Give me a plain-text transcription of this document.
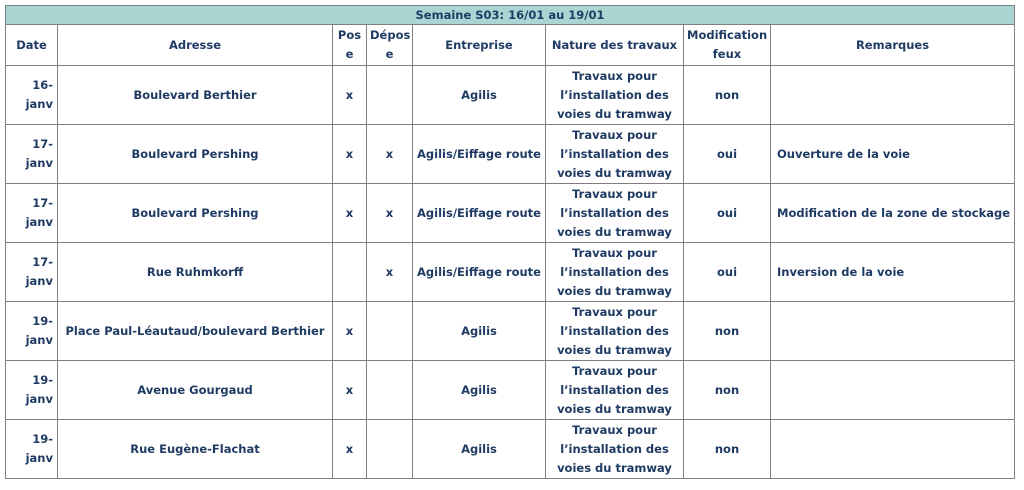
Semaine S03: 16/01 au 19/01							
Date	Adresse	Pos e	Dépos e	Entreprise	Nature des travaux	Modification feux	Remarques
16- janv	Boulevard Berthier	x		Agilis	Travaux pour l’installation des voies du tramway	non	
17- janv	Boulevard Pershing	x	x	Agilis/Eiffage route	Travaux pour l’installation des voies du tramway	oui	Ouverture de la voie
17- janv	Boulevard Pershing	x	x	Agilis/Eiffage route	Travaux pour l’installation des voies du tramway	oui	Modification de la zone de stockage
17- janv	Rue Ruhmkorff		x	Agilis/Eiffage route	Travaux pour l’installation des voies du tramway	oui	Inversion de la voie
19- janv	Place Paul-Léautaud/boulevard Berthier	x		Agilis	Travaux pour l’installation des voies du tramway	non	
19- janv	Avenue Gourgaud	x		Agilis	Travaux pour l’installation des voies du tramway	non	
19- janv	Rue Eugène-Flachat	x		Agilis	Travaux pour l’installation des voies du tramway	non	
